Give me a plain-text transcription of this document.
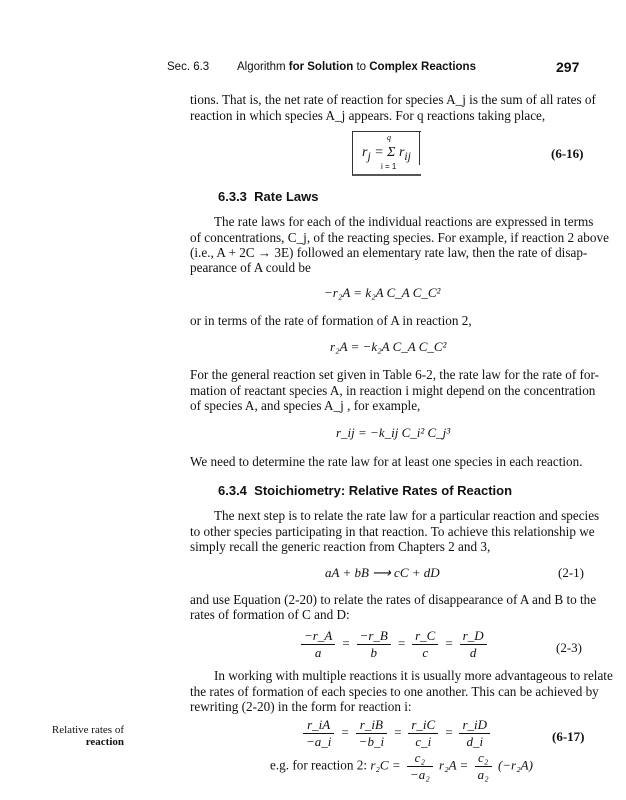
Sec. 6.3 Algorithm for Solution to Complex Reactions	297
tions. That is, the net rate of reaction for species A_j is the sum of all rates of
reaction in which species A_j appears. For q reactions taking place,
$r_j = \Sigma$ $r_{ij}$
q
i = 1
(6-16)
6.3.3 Rate Laws
The rate laws for each of the individual reactions are expressed in terms
of concentrations, C_j, of the reacting species. For example, if reaction 2 above
(i.e., A + 2C → 3E) followed an elementary rate law, then the rate of disap-
pearance of A could be
−r₂A = k₂A C_A C_C²
or in terms of the rate of formation of A in reaction 2,
r₂A = −k₂A C_A C_C²
For the general reaction set given in Table 6-2, the rate law for the rate of for-
mation of reactant species A, in reaction i might depend on the concentration
of species A, and species A_j , for example,
r_ij = −k_ij C_i² C_j³
We need to determine the rate law for at least one species in each reaction.
6.3.4 Stoichiometry: Relative Rates of Reaction
The next step is to relate the rate law for a particular reaction and species
to other species participating in that reaction. To achieve this relationship we
simply recall the generic reaction from Chapters 2 and 3,
aA + bB ⟶ cC + dD	(2-1)
and use Equation (2-20) to relate the rates of disappearance of A and B to the
rates of formation of C and D:
$\frac{-r\_A}{a} = \frac{-r\_B}{b} = \frac{r\_C}{c} = \frac{r\_D}{d}$	(2-3)
In working with multiple reactions it is usually more advantageous to relate
the rates of formation of each species to one another. This can be achieved by
rewriting (2-20) in the form for reaction i:
Relative rates of
reaction	$\frac{r\_iA}{-a\_i} = \frac{r\_iB}{-b\_i} = \frac{r\_iC}{c\_i} = \frac{r\_iD}{d\_i}$	(6-17)
e.g. for reaction 2: $r_2C = \frac{\text{c₂}}{\text{−a₂}} r_2A = \frac{\text{c₂}}{\text{a₂}} (-r_2A)$
